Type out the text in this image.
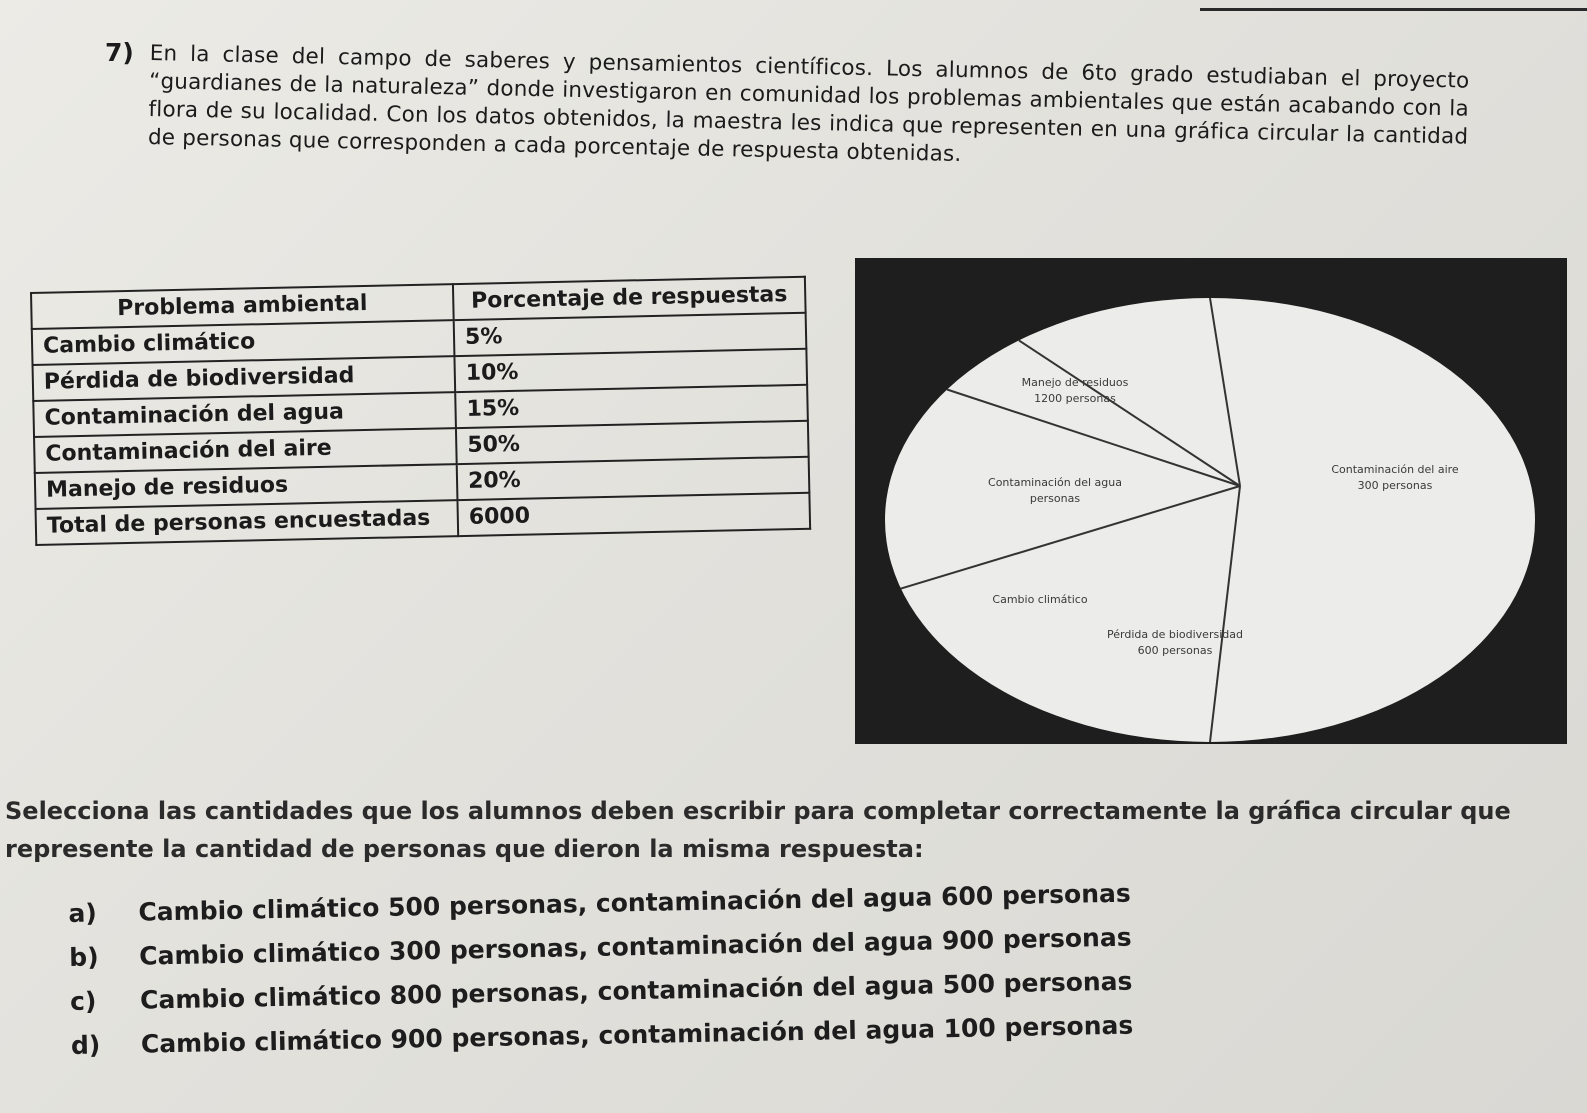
7) En la clase del campo de saberes y pensamientos científicos. Los alumnos de 6to grado estudiaban el proyecto “guardianes de la naturaleza” donde investigaron en comunidad los problemas ambientales que están acabando con la flora de su localidad. Con los datos obtenidos, la maestra les indica que representen en una gráfica circular la cantidad de personas que corresponden a cada porcentaje de respuesta obtenidas.
Problema ambiental	Porcentaje de respuestas
Cambio climático	5%
Pérdida de biodiversidad	10%
Contaminación del agua	15%
Contaminación del aire	50%
Manejo de residuos	20%
Total de personas encuestadas	6000
Contaminación del aire
300 personas
Manejo de residuos
1200 personas
Contaminación del agua
personas
Cambio climático
Pérdida de biodiversidad
600 personas
Selecciona las cantidades que los alumnos deben escribir para completar correctamente la gráfica circular que represente la cantidad de personas que dieron la misma respuesta:
a) Cambio climático 500 personas, contaminación del agua 600 personas
b) Cambio climático 300 personas, contaminación del agua 900 personas
c) Cambio climático 800 personas, contaminación del agua 500 personas
d) Cambio climático 900 personas, contaminación del agua 100 personas
